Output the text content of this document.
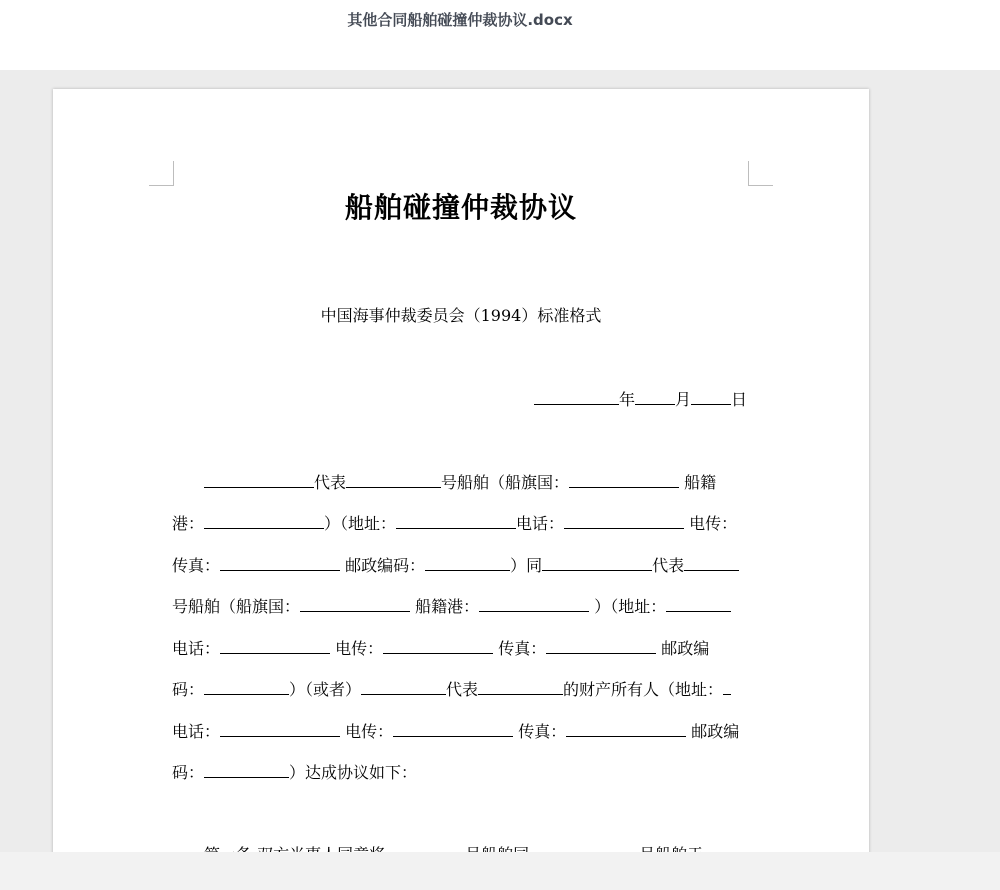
其他合同船舶碰撞仲裁协议.docx
船舶碰撞仲裁协议
中国海事仲裁委员会（1994）标准格式
年	月	日
代表	号船舶（船旗国：	船籍
港：	）（地址：	电话：	电传：
传真：	邮政编码：	）同	代表
号船舶（船旗国：	船籍港：	）（地址：
电话：	电传：	传真：	邮政编
码：	）（或者）	代表	的财产所有人（地址：
电话：	电传：	传真：	邮政编
码：	）达成协议如下：
